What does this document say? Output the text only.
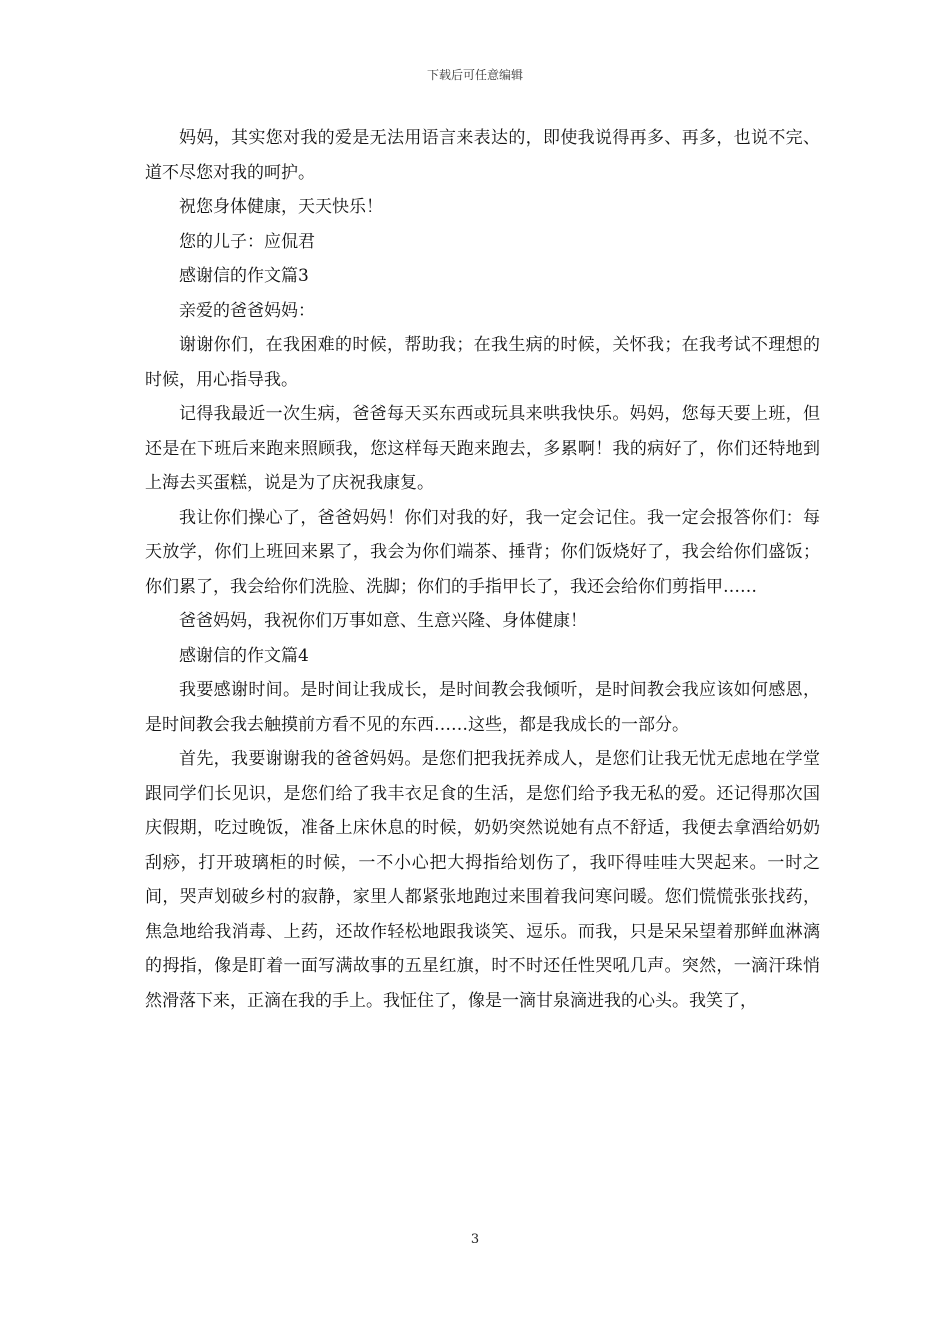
下载后可任意编辑

妈妈，其实您对我的爱是无法用语言来表达的，即使我说得再多、再多，也说不完、道不尽您对我的呵护。

祝您身体健康，天天快乐！

您的儿子：应侃君

感谢信的作文篇3

亲爱的爸爸妈妈：

谢谢你们，在我困难的时候，帮助我；在我生病的时候，关怀我；在我考试不理想的时候，用心指导我。

记得我最近一次生病，爸爸每天买东西或玩具来哄我快乐。妈妈，您每天要上班，但还是在下班后来跑来照顾我，您这样每天跑来跑去，多累啊！我的病好了，你们还特地到上海去买蛋糕，说是为了庆祝我康复。

我让你们操心了，爸爸妈妈！你们对我的好，我一定会记住。我一定会报答你们：每天放学，你们上班回来累了，我会为你们端茶、捶背；你们饭烧好了，我会给你们盛饭；你们累了，我会给你们洗脸、洗脚；你们的手指甲长了，我还会给你们剪指甲……

爸爸妈妈，我祝你们万事如意、生意兴隆、身体健康！

感谢信的作文篇4

我要感谢时间。是时间让我成长，是时间教会我倾听，是时间教会我应该如何感恩，是时间教会我去触摸前方看不见的东西……这些，都是我成长的一部分。

首先，我要谢谢我的爸爸妈妈。是您们把我抚养成人，是您们让我无忧无虑地在学堂跟同学们长见识，是您们给了我丰衣足食的生活，是您们给予我无私的爱。还记得那次国庆假期，吃过晚饭，准备上床休息的时候，奶奶突然说她有点不舒适，我便去拿酒给奶奶刮痧，打开玻璃柜的时候，一不小心把大拇指给划伤了，我吓得哇哇大哭起来。一时之间，哭声划破乡村的寂静，家里人都紧张地跑过来围着我问寒问暖。您们慌慌张张找药，焦急地给我消毒、上药，还故作轻松地跟我谈笑、逗乐。而我，只是呆呆望着那鲜血淋漓的拇指，像是盯着一面写满故事的五星红旗，时不时还任性哭吼几声。突然，一滴汗珠悄然滑落下来，正滴在我的手上。我怔住了，像是一滴甘泉滴进我的心头。我笑了，

3
